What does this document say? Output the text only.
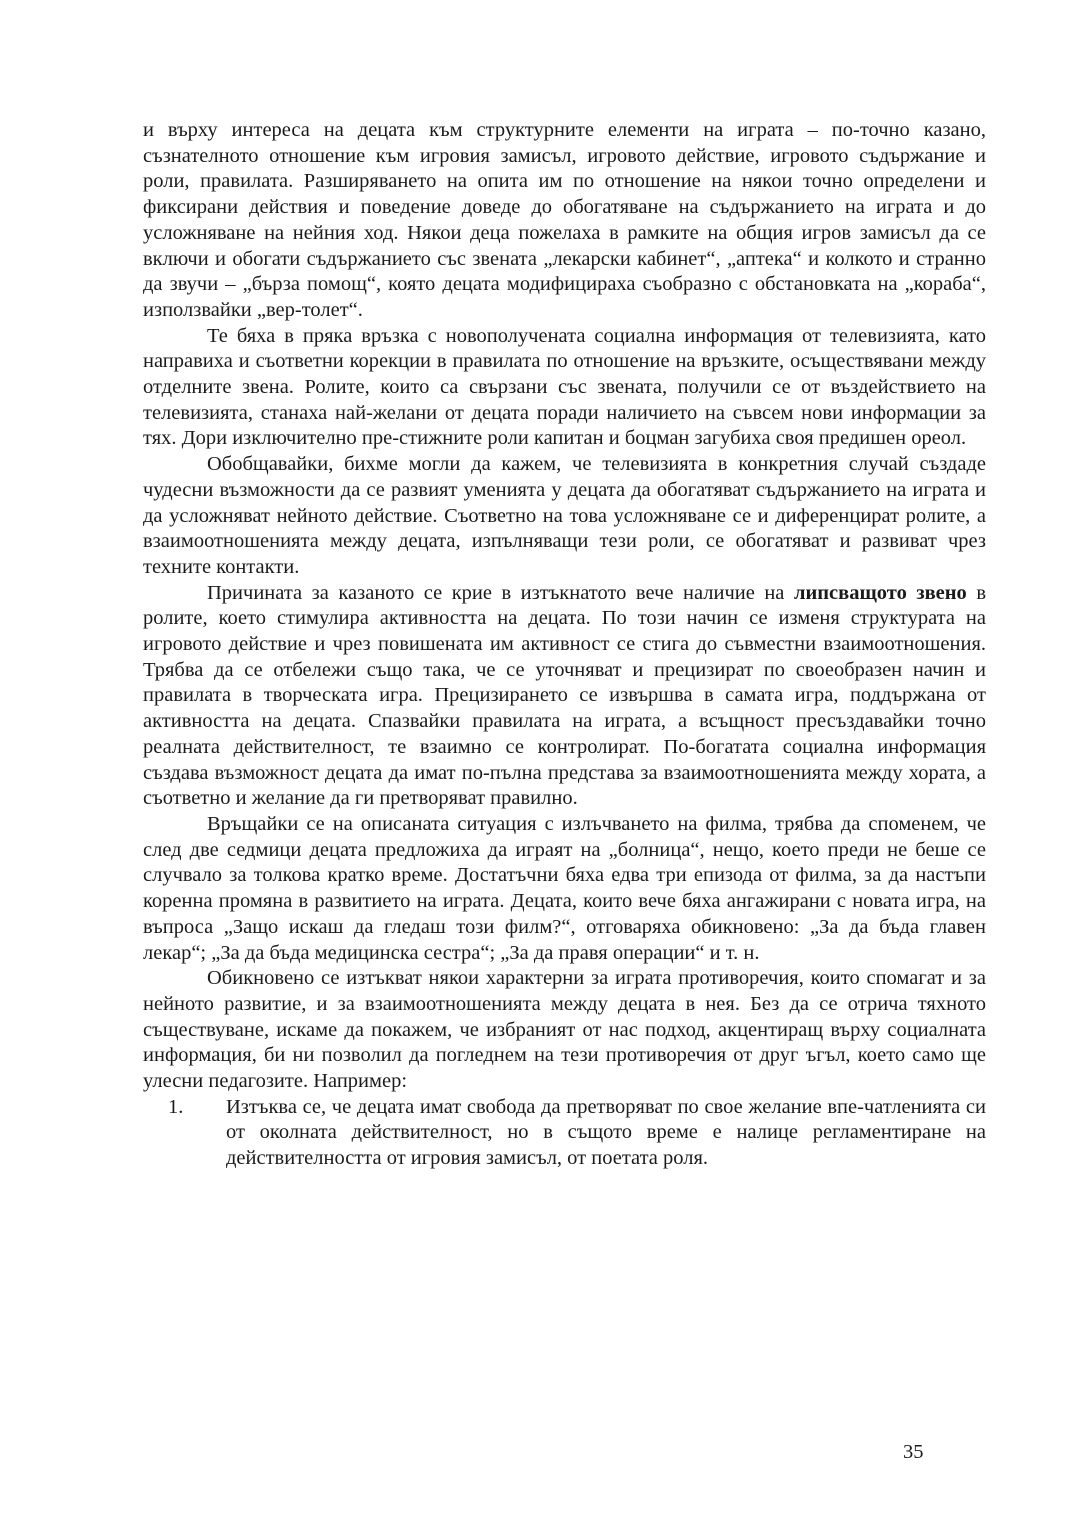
и върху интереса на децата към структурните елементи на играта – по-точно казано, съзнателното отношение към игровия замисъл, игровото действие, игровото съдържание и роли, правилата. Разширяването на опита им по отношение на някои точно определени и фиксирани действия и поведение доведе до обогатяване на съдържанието на играта и до усложняване на нейния ход. Някои деца пожелаха в рамките на общия игров замисъл да се включи и обогати съдържанието със звената „лекарски кабинет“, „аптека“ и колкото и странно да звучи – „бърза помощ“, която децата модифицираха съобразно с обстановката на „кораба“, използвайки „вер-толет“.

Те бяха в пряка връзка с новополучената социална информация от телевизията, като направиха и съответни корекции в правилата по отношение на връзките, осъществявани между отделните звена. Ролите, които са свързани със звената, получили се от въздействието на телевизията, станаха най-желани от децата поради наличието на съвсем нови информации за тях. Дори изключително пре-стижните роли капитан и боцман загубиха своя предишен ореол.

Обобщавайки, бихме могли да кажем, че телевизията в конкретния случай създаде чудесни възможности да се развият уменията у децата да обогатяват съдържанието на играта и да усложняват нейното действие. Съответно на това усложняване се и диференцират ролите, а взаимоотношенията между децата, изпълняващи тези роли, се обогатяват и развиват чрез техните контакти.

Причината за казаното се крие в изтъкнатото вече наличие на липсващото звено в ролите, което стимулира активността на децата. По този начин се изменя структурата на игровото действие и чрез повишената им активност се стига до съвместни взаимоотношения. Трябва да се отбележи също така, че се уточняват и прецизират по своеобразен начин и правилата в творческата игра. Прецизирането се извършва в самата игра, поддържана от активността на децата. Спазвайки правилата на играта, а всъщност пресъздавайки точно реалната действителност, те взаимно се контролират. По-богатата социална информация създава възможност децата да имат по-пълна представа за взаимоотношенията между хората, а съответно и желание да ги претворяват правилно.

Връщайки се на описаната ситуация с излъчването на филма, трябва да споменем, че след две седмици децата предложиха да играят на „болница“, нещо, което преди не беше се случвало за толкова кратко време. Достатъчни бяха едва три епизода от филма, за да настъпи коренна промяна в развитието на играта. Децата, които вече бяха ангажирани с новата игра, на въпроса „Защо искаш да гледаш този филм?“, отговаряха обикновено: „За да бъда главен лекар“; „За да бъда медицинска сестра“; „За да правя операции“ и т. н.

Обикновено се изтъкват някои характерни за играта противоречия, които спомагат и за нейното развитие, и за взаимоотношенията между децата в нея. Без да се отрича тяхното съществуване, искаме да покажем, че избраният от нас подход, акцентиращ върху социалната информация, би ни позволил да погледнем на тези противоречия от друг ъгъл, което само ще улесни педагозите. Например:

1. Изтъква се, че децата имат свобода да претворяват по свое желание впе-чатленията си от околната действителност, но в същото време е налице регламентиране на действителността от игровия замисъл, от поетата роля.

35
